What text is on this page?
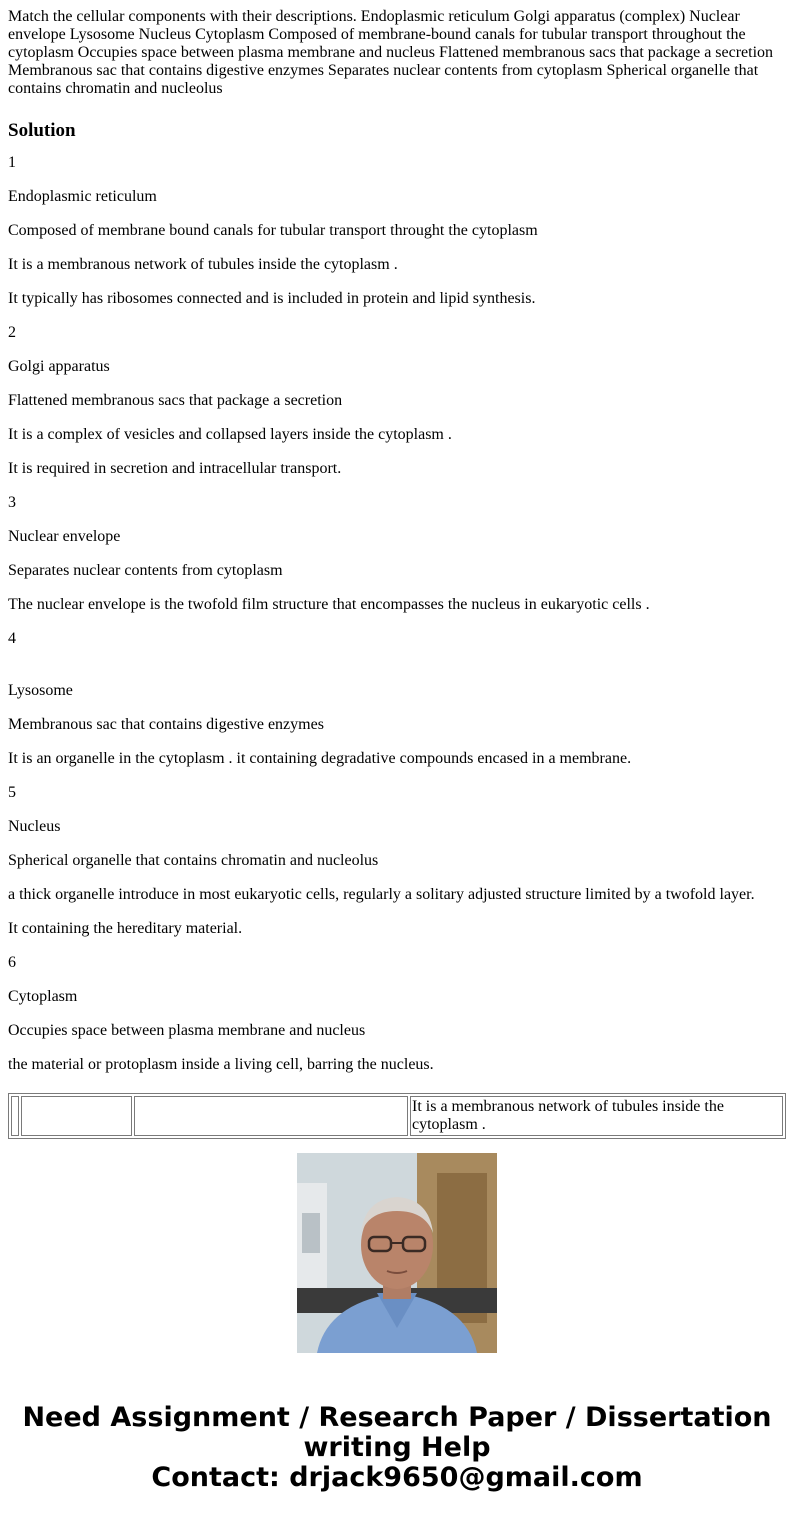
Match the cellular components with their descriptions. Endoplasmic reticulum Golgi apparatus (complex) Nuclear envelope Lysosome Nucleus Cytoplasm Composed of membrane-bound canals for tubular transport throughout the cytoplasm Occupies space between plasma membrane and nucleus Flattened membranous sacs that package a secretion Membranous sac that contains digestive enzymes Separates nuclear contents from cytoplasm Spherical organelle that contains chromatin and nucleolus

Solution

1

Endoplasmic reticulum

Composed of membrane bound canals for tubular transport throught the cytoplasm

It is a membranous network of tubules inside the cytoplasm .

It typically has ribosomes connected and is included in protein and lipid synthesis.

2

Golgi apparatus

Flattened membranous sacs that package a secretion

It is a complex of vesicles and collapsed layers inside the cytoplasm .

It is required in secretion and intracellular transport.

3

Nuclear envelope

Separates nuclear contents from cytoplasm

The nuclear envelope is the twofold film structure that encompasses the nucleus in eukaryotic cells .

4

Lysosome

Membranous sac that contains digestive enzymes

It is an organelle in the cytoplasm . it containing degradative compounds encased in a membrane.

5

Nucleus

Spherical organelle that contains chromatin and nucleolus

a thick organelle introduce in most eukaryotic cells, regularly a solitary adjusted structure limited by a twofold layer.

It containing the hereditary material.

6

Cytoplasm

Occupies space between plasma membrane and nucleus

the material or protoplasm inside a living cell, barring the nucleus.

			It is a membranous network of tubules inside the cytoplasm .
Need Assignment / Research Paper / Dissertation
writing Help
Contact: drjack9650@gmail.com
